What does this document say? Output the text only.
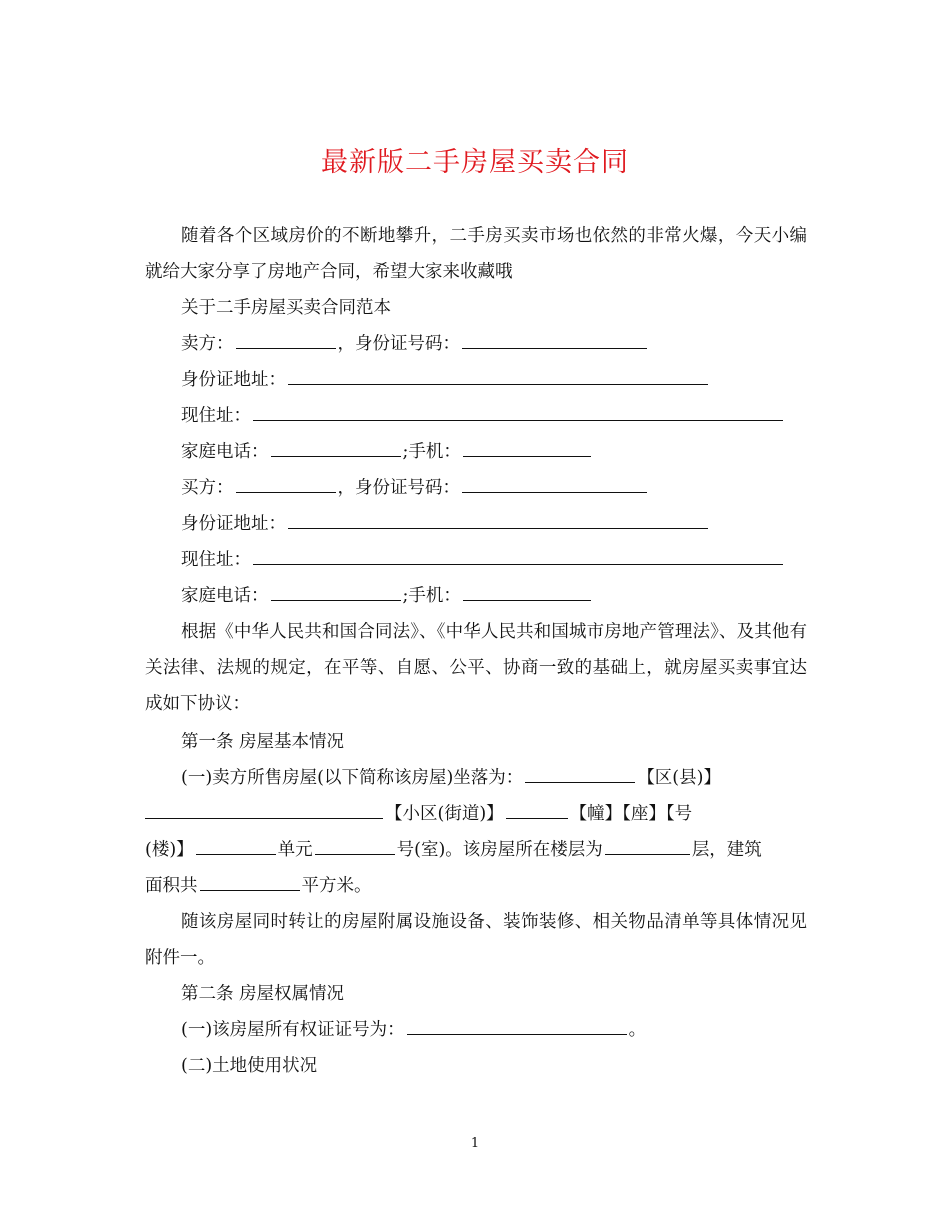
最新版二手房屋买卖合同

随着各个区域房价的不断地攀升，二手房买卖市场也依然的非常火爆，今天小编就给大家分享了房地产合同，希望大家来收藏哦

关于二手房屋买卖合同范本

卖方：	，身份证号码：

身份证地址：

现住址：

家庭电话：	;手机：

买方：	，身份证号码：

身份证地址：

现住址：

家庭电话：	;手机：

根据《中华人民共和国合同法》、《中华人民共和国城市房地产管理法》、及其他有关法律、法规的规定，在平等、自愿、公平、协商一致的基础上，就房屋买卖事宜达成如下协议：

第一条 房屋基本情况

(一)卖方所售房屋(以下简称该房屋)坐落为：	【区(县)】

【小区(街道)】	【幢】【座】【号

(楼)】	单元	号(室)。该房屋所在楼层为	层，建筑

面积共	平方米。

随该房屋同时转让的房屋附属设施设备、装饰装修、相关物品清单等具体情况见附件一。

第二条 房屋权属情况

(一)该房屋所有权证证号为：	。

(二)土地使用状况

1
